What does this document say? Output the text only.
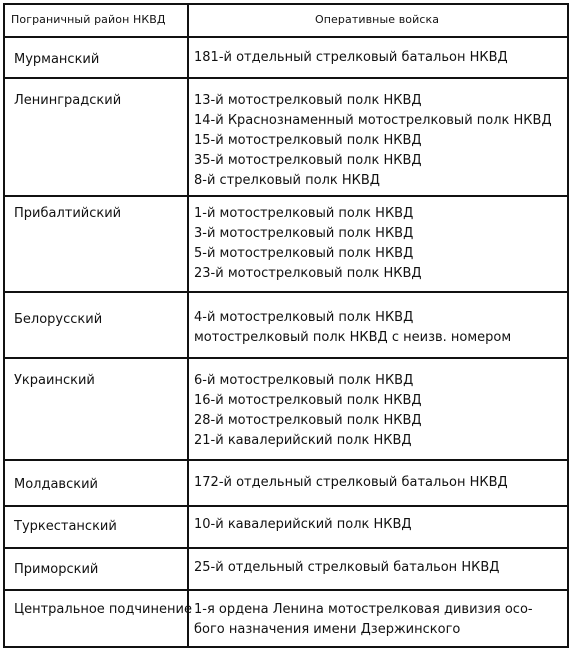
Пограничный район НКВД	Оперативные войска
Мурманский	181-й отдельный стрелковый батальон НКВД
Ленинградский	13-й мотострелковый полк НКВД
14-й Краснознаменный мотострелковый полк НКВД
15-й мотострелковый полк НКВД
35-й мотострелковый полк НКВД
8-й стрелковый полк НКВД
Прибалтийский	1-й мотострелковый полк НКВД
3-й мотострелковый полк НКВД
5-й мотострелковый полк НКВД
23-й мотострелковый полк НКВД
Белорусский	4-й мотострелковый полк НКВД
мотострелковый полк НКВД с неизв. номером
Украинский	6-й мотострелковый полк НКВД
16-й мотострелковый полк НКВД
28-й мотострелковый полк НКВД
21-й кавалерийский полк НКВД
Молдавский	172-й отдельный стрелковый батальон НКВД
Туркестанский	10-й кавалерийский полк НКВД
Приморский	25-й отдельный стрелковый батальон НКВД
Центральное подчинение 1-я ордена Ленина мотострелковая дивизия осо-
бого назначения имени Дзержинского
